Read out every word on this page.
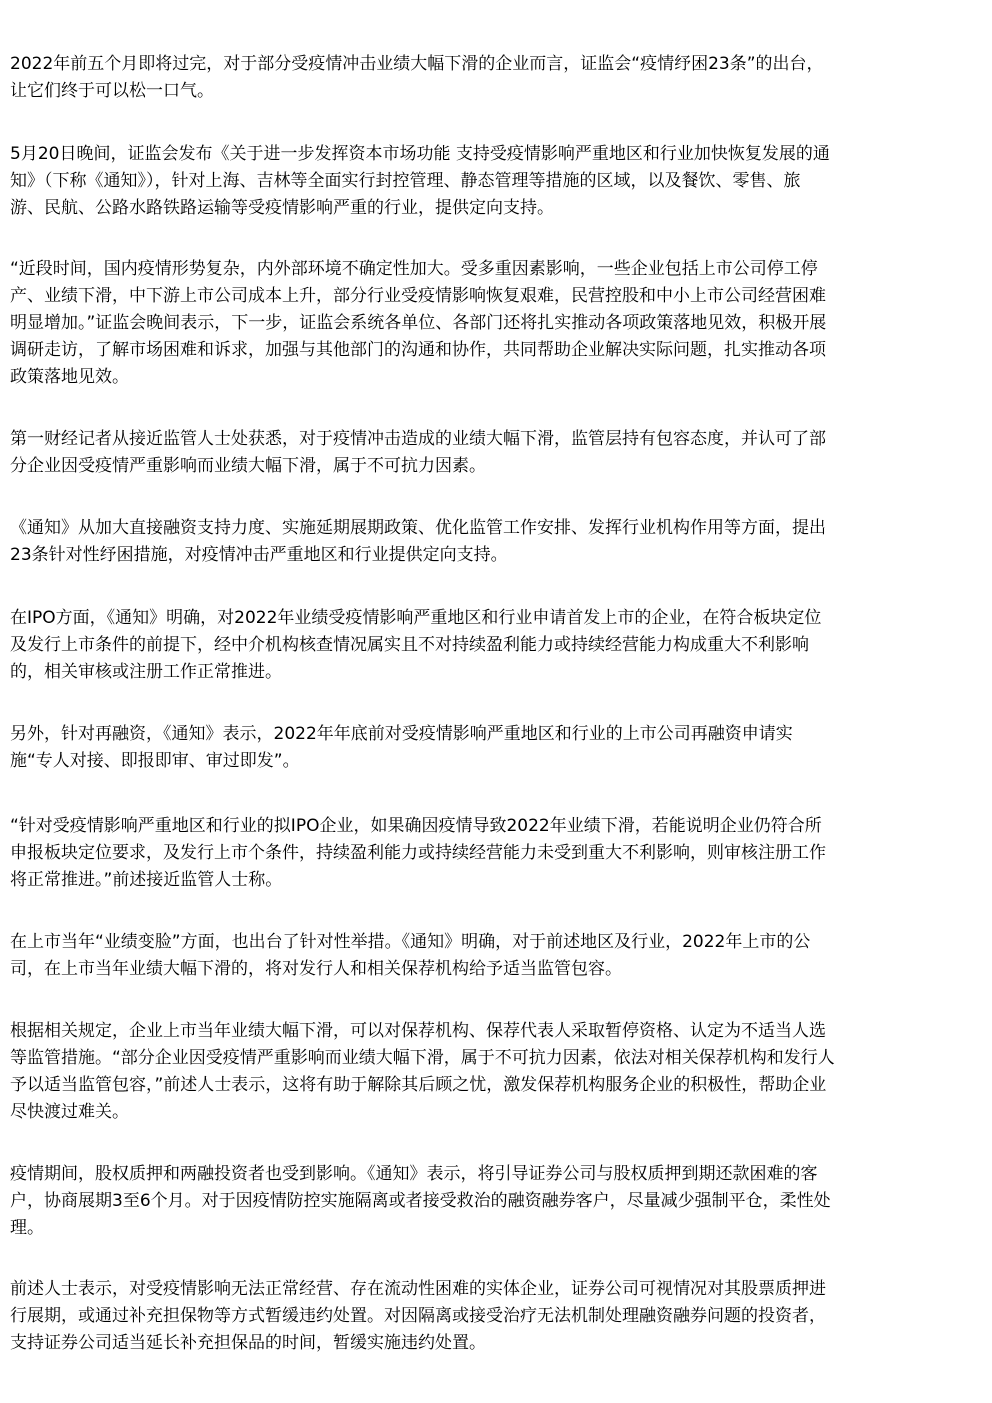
2022年前五个月即将过完，对于部分受疫情冲击业绩大幅下滑的企业而言，证监会“疫情纾困23条”的出台，
让它们终于可以松一口气。

5月20日晚间，证监会发布《关于进一步发挥资本市场功能 支持受疫情影响严重地区和行业加快恢复发展的通
知》（下称《通知》），针对上海、吉林等全面实行封控管理、静态管理等措施的区域，以及餐饮、零售、旅
游、民航、公路水路铁路运输等受疫情影响严重的行业，提供定向支持。

“近段时间，国内疫情形势复杂，内外部环境不确定性加大。受多重因素影响，一些企业包括上市公司停工停
产、业绩下滑，中下游上市公司成本上升，部分行业受疫情影响恢复艰难，民营控股和中小上市公司经营困难
明显增加。”证监会晚间表示，下一步，证监会系统各单位、各部门还将扎实推动各项政策落地见效，积极开展
调研走访，了解市场困难和诉求，加强与其他部门的沟通和协作，共同帮助企业解决实际问题，扎实推动各项
政策落地见效。

第一财经记者从接近监管人士处获悉，对于疫情冲击造成的业绩大幅下滑，监管层持有包容态度，并认可了部
分企业因受疫情严重影响而业绩大幅下滑，属于不可抗力因素。

《通知》从加大直接融资支持力度、实施延期展期政策、优化监管工作安排、发挥行业机构作用等方面，提出
23条针对性纾困措施，对疫情冲击严重地区和行业提供定向支持。

在IPO方面，《通知》明确，对2022年业绩受疫情影响严重地区和行业申请首发上市的企业，在符合板块定位
及发行上市条件的前提下，经中介机构核查情况属实且不对持续盈利能力或持续经营能力构成重大不利影响
的，相关审核或注册工作正常推进。

另外，针对再融资，《通知》表示，2022年年底前对受疫情影响严重地区和行业的上市公司再融资申请实
施“专人对接、即报即审、审过即发”。

“针对受疫情影响严重地区和行业的拟IPO企业，如果确因疫情导致2022年业绩下滑，若能说明企业仍符合所
申报板块定位要求，及发行上市个条件，持续盈利能力或持续经营能力未受到重大不利影响，则审核注册工作
将正常推进。”前述接近监管人士称。

在上市当年“业绩变脸”方面，也出台了针对性举措。《通知》明确，对于前述地区及行业，2022年上市的公
司，在上市当年业绩大幅下滑的，将对发行人和相关保荐机构给予适当监管包容。

根据相关规定，企业上市当年业绩大幅下滑，可以对保荐机构、保荐代表人采取暂停资格、认定为不适当人选
等监管措施。“部分企业因受疫情严重影响而业绩大幅下滑，属于不可抗力因素，依法对相关保荐机构和发行人
予以适当监管包容，”前述人士表示，这将有助于解除其后顾之忧，激发保荐机构服务企业的积极性，帮助企业
尽快渡过难关。

疫情期间，股权质押和两融投资者也受到影响。《通知》表示，将引导证券公司与股权质押到期还款困难的客
户，协商展期3至6个月。对于因疫情防控实施隔离或者接受救治的融资融券客户，尽量减少强制平仓，柔性处
理。

前述人士表示，对受疫情影响无法正常经营、存在流动性困难的实体企业，证券公司可视情况对其股票质押进
行展期，或通过补充担保物等方式暂缓违约处置。对因隔离或接受治疗无法机制处理融资融券问题的投资者，
支持证券公司适当延长补充担保品的时间，暂缓实施违约处置。
